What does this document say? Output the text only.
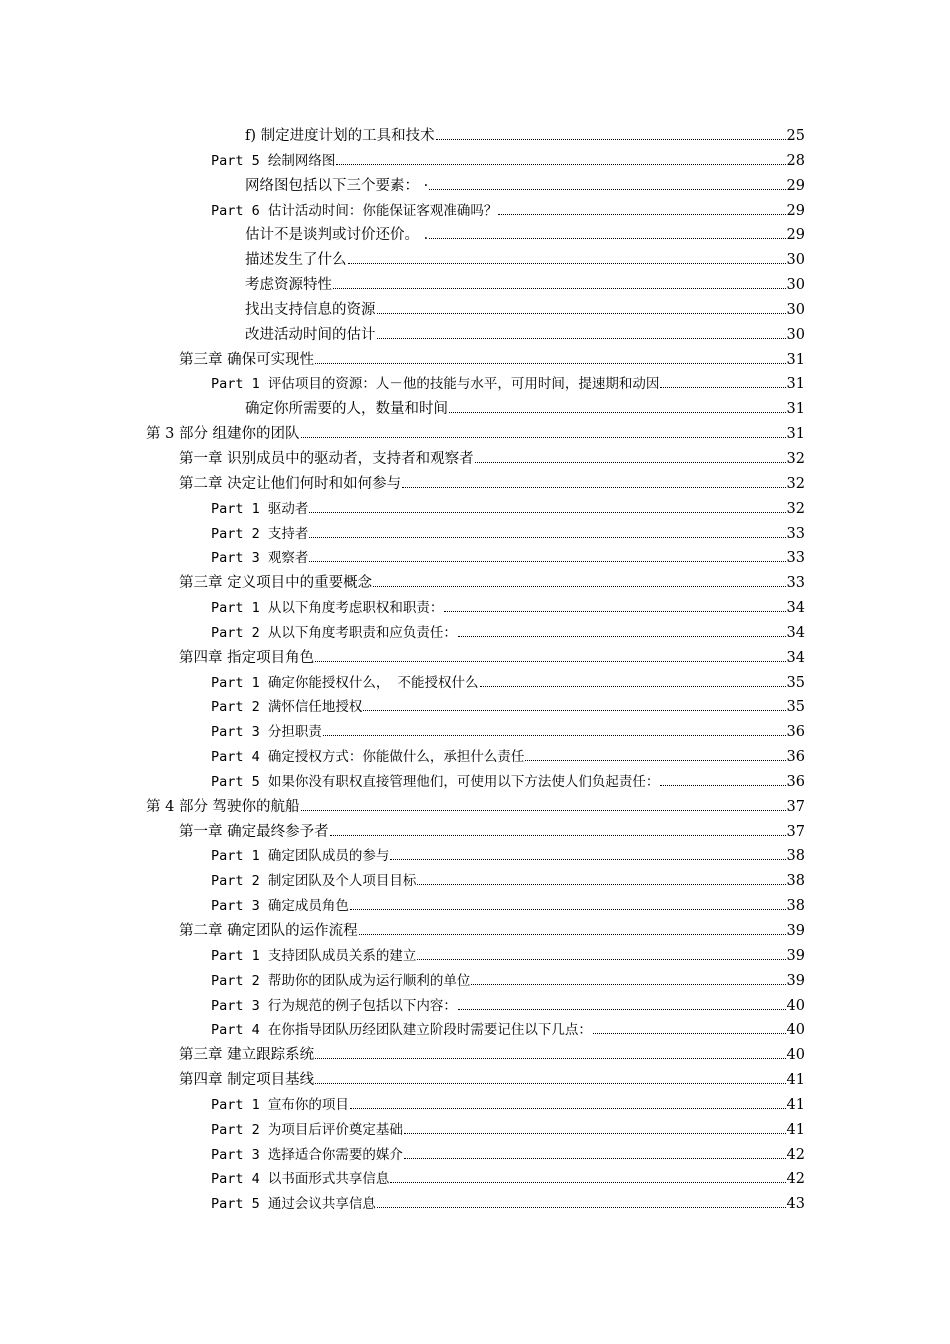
f) 制定进度计划的工具和技术	25
Part 5 绘制网络图	28
网络图包括以下三个要素： ·	29
Part 6 估计活动时间：你能保证客观准确吗？	29
估计不是谈判或讨价还价。 .	29
描述发生了什么	30
考虑资源特性	30
找出支持信息的资源	30
改进活动时间的估计	30
第三章 确保可实现性	31
Part 1 评估项目的资源：人－他的技能与水平，可用时间，提速期和动因	31
确定你所需要的人，数量和时间	31
第 3 部分 组建你的团队	31
第一章 识别成员中的驱动者，支持者和观察者	32
第二章 决定让他们何时和如何参与	32
Part 1 驱动者	32
Part 2 支持者	33
Part 3 观察者	33
第三章 定义项目中的重要概念	33
Part 1 从以下角度考虑职权和职责：	34
Part 2 从以下角度考职责和应负责任：	34
第四章 指定项目角色	34
Part 1 确定你能授权什么， 不能授权什么	35
Part 2 满怀信任地授权	35
Part 3 分担职责	36
Part 4 确定授权方式：你能做什么，承担什么责任	36
Part 5 如果你没有职权直接管理他们，可使用以下方法使人们负起责任：	36
第 4 部分 驾驶你的航船	37
第一章 确定最终参予者	37
Part 1 确定团队成员的参与	38
Part 2 制定团队及个人项目目标	38
Part 3 确定成员角色	38
第二章 确定团队的运作流程	39
Part 1 支持团队成员关系的建立	39
Part 2 帮助你的团队成为运行顺利的单位	39
Part 3 行为规范的例子包括以下内容：	40
Part 4 在你指导团队历经团队建立阶段时需要记住以下几点：	40
第三章 建立跟踪系统	40
第四章 制定项目基线	41
Part 1 宣布你的项目	41
Part 2 为项目后评价奠定基础	41
Part 3 选择适合你需要的媒介	42
Part 4 以书面形式共享信息	42
Part 5 通过会议共享信息	43
